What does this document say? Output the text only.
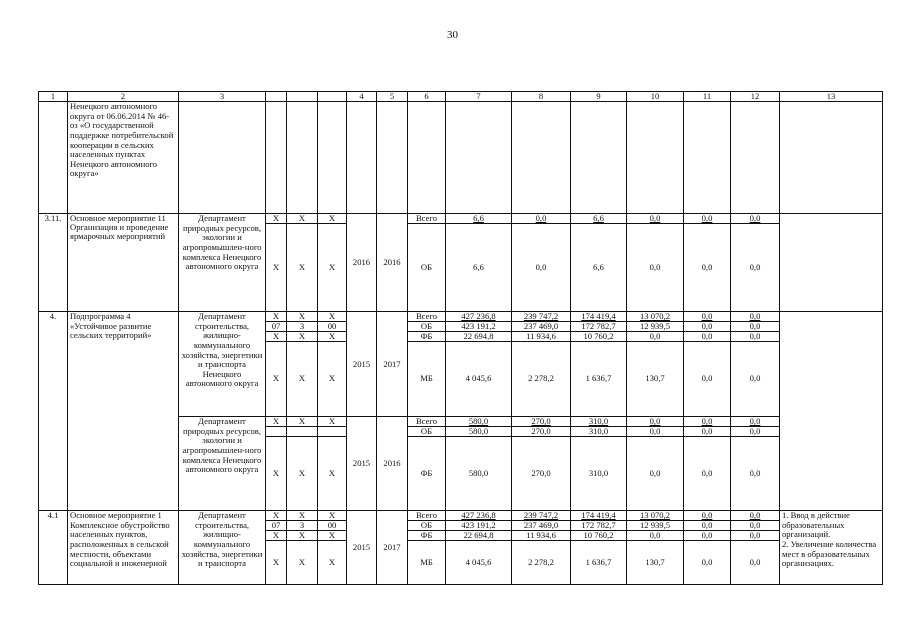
30
1	2	3				4	5	6	7	8	9	10	11	12	13
	Ненецкого автономного округа от 06.06.2014 № 46-оз «О государственной поддержке потребительской кооперации в сельских населенных пунктах Ненецкого автономного округа»														
3.11.	Основное мероприятие 11 Организация и проведение ярмарочных мероприятий	Департамент природных ресурсов, экологии и агропромышлен-ного комплекса Ненецкого автономного округа	Х	Х	Х	2016	2016	Всего	6,6	0,0	6,6	0,0	0,0	0,0	
			Х	Х	Х			ОБ	6,6	0,0	6,6	0,0	0,0	0,0	
4.	Подпрограмма 4 «Устойчивое развитие сельских территорий»	Департамент строительства, жилищно-коммунального хозяйства, энергетики и транспорта Ненецкого автономного округа	Х	Х	Х	2015	2017	Всего	427 236,8	239 747,2	174 419,4	13 070,2	0,0	0,0	
			07	3	00			ОБ	423 191,2	237 469,0	172 782,7	12 939,5	0,0	0,0	
			Х	Х	Х			ФБ	22 694,8	11 934,6	10 760,2	0,0	0,0	0,0	
			Х	Х	Х			МБ	4 045,6	2 278,2	1 636,7	130,7	0,0	0,0	
		Департамент природных ресурсов, экологии и агропромышлен-ного комплекса Ненецкого автономного округа	Х	Х	Х	2015	2016	Всего	580,0	270,0	310,0	0,0	0,0	0,0	
								ОБ	580,0	270,0	310,0	0,0	0,0	0,0	
			Х	Х	Х			ФБ	580,0	270,0	310,0	0,0	0,0	0,0	
4.1	Основное мероприятие 1 Комплексное обустройство населенных пунктов, расположенных в сельской местности, объектами социальной и инженерной	Департамент строительства, жилищно-коммунального хозяйства, энергетики и транспорта	Х	Х	Х	2015	2017	Всего	427 236,8	239 747,2	174 419,4	13 070,2	0,0	0,0	1. Ввод в действие образовательных организаций.
2. Увеличение количества мест в образовательных организациях.
			07	3	00			ОБ	423 191,2	237 469,0	172 782,7	12 939,5	0,0	0,0	
			Х	Х	Х			ФБ	22 694,8	11 934,6	10 760,2	0,0	0,0	0,0	
			Х	Х	Х			МБ	4 045,6	2 278,2	1 636,7	130,7	0,0	0,0	
